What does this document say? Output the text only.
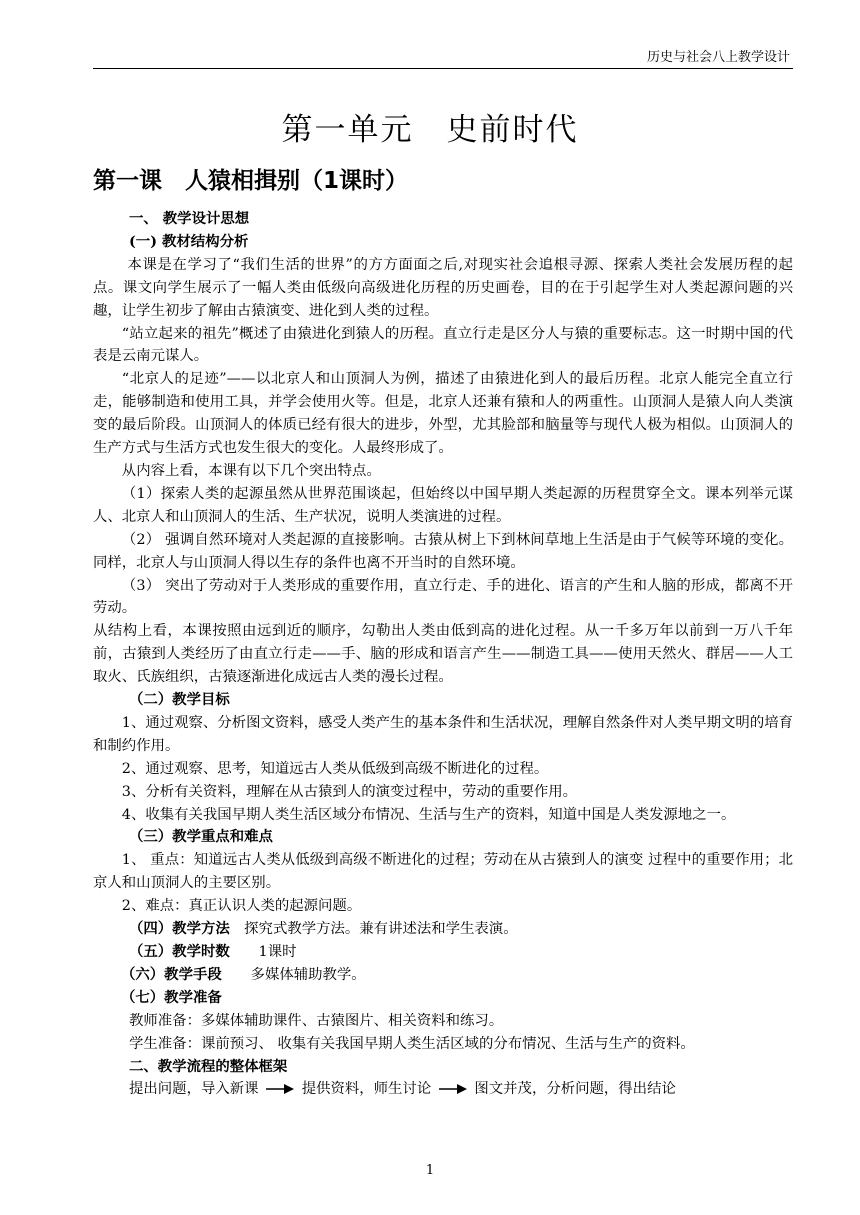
历史与社会八上教学设计
第一单元　史前时代
第一课　人猿相揖别（1课时）

一、 教学设计思想

(一) 教材结构分析

本课是在学习了“我们生活的世界”的方方面面之后,对现实社会追根寻源、探索人类社会发展历程的起点。课文向学生展示了一幅人类由低级向高级进化历程的历史画卷，目的在于引起学生对人类起源问题的兴趣，让学生初步了解由古猿演变、进化到人类的过程。

“站立起来的祖先”概述了由猿进化到猿人的历程。直立行走是区分人与猿的重要标志。这一时期中国的代表是云南元谋人。

“北京人的足迹”——以北京人和山顶洞人为例，描述了由猿进化到人的最后历程。北京人能完全直立行走，能够制造和使用工具，并学会使用火等。但是，北京人还兼有猿和人的两重性。山顶洞人是猿人向人类演变的最后阶段。山顶洞人的体质已经有很大的进步，外型，尤其脸部和脑量等与现代人极为相似。山顶洞人的生产方式与生活方式也发生很大的变化。人最终形成了。

从内容上看，本课有以下几个突出特点。

（1）探索人类的起源虽然从世界范围谈起，但始终以中国早期人类起源的历程贯穿全文。课本列举元谋人、北京人和山顶洞人的生活、生产状况，说明人类演进的过程。

（2） 强调自然环境对人类起源的直接影响。古猿从树上下到林间草地上生活是由于气候等环境的变化。同样，北京人与山顶洞人得以生存的条件也离不开当时的自然环境。

（3） 突出了劳动对于人类形成的重要作用，直立行走、手的进化、语言的产生和人脑的形成，都离不开劳动。

从结构上看，本课按照由远到近的顺序，勾勒出人类由低到高的进化过程。从一千多万年以前到一万八千年前，古猿到人类经历了由直立行走——手、脑的形成和语言产生——制造工具——使用天然火、群居——人工取火、氏族组织，古猿逐渐进化成远古人类的漫长过程。

（二）教学目标

1、通过观察、分析图文资料，感受人类产生的基本条件和生活状况，理解自然条件对人类早期文明的培育和制约作用。

2、通过观察、思考，知道远古人类从低级到高级不断进化的过程。

3、分析有关资料，理解在从古猿到人的演变过程中，劳动的重要作用。

4、收集有关我国早期人类生活区域分布情况、生活与生产的资料，知道中国是人类发源地之一。

（三）教学重点和难点

1、 重点：知道远古人类从低级到高级不断进化的过程；劳动在从古猿到人的演变 过程中的重要作用；北京人和山顶洞人的主要区别。

2、难点：真正认识人类的起源问题。

（四）教学方法　 探究式教学方法。兼有讲述法和学生表演。

（五）教学时数　　 1课时

（六）教学手段　　 多媒体辅助教学。

（七）教学准备

教师准备：多媒体辅助课件、古猿图片、相关资料和练习。

学生准备：课前预习、 收集有关我国早期人类生活区域的分布情况、生活与生产的资料。

二、教学流程的整体框架

提出问题，导入新课	提供资料，师生讨论	图文并茂，分析问题，得出结论

1
